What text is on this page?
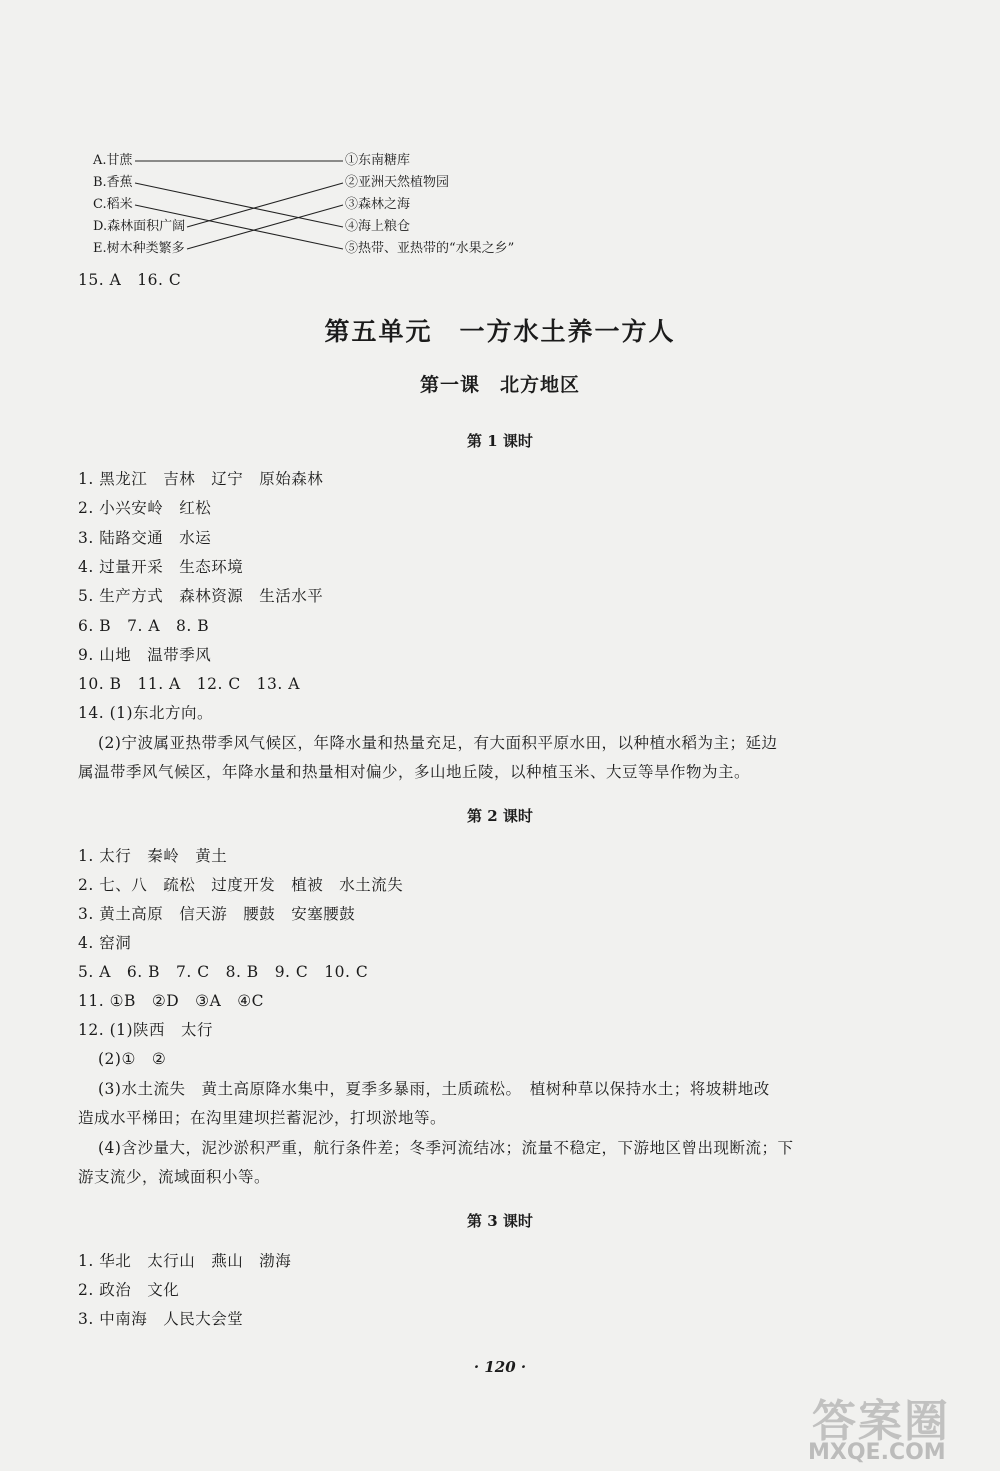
A.甘蔗
B.香蕉
C.稻米
D.森林面积广阔
E.树木种类繁多
①东南糖库
②亚洲天然植物园
③森林之海
④海上粮仓
⑤热带、亚热带的“水果之乡”
15. A　16. C
第五单元　一方水土养一方人
第一课　北方地区
第 1 课时
1. 黑龙江　吉林　辽宁　原始森林
2. 小兴安岭　红松
3. 陆路交通　水运
4. 过量开采　生态环境
5. 生产方式　森林资源　生活水平
6. B　7. A　8. B
9. 山地　温带季风
10. B　11. A　12. C　13. A
14. (1)东北方向。
(2)宁波属亚热带季风气候区，年降水量和热量充足，有大面积平原水田，以种植水稻为主；延边
属温带季风气候区，年降水量和热量相对偏少，多山地丘陵，以种植玉米、大豆等旱作物为主。
第 2 课时
1. 太行　秦岭　黄土
2. 七、八　疏松　过度开发　植被　水土流失
3. 黄土高原　信天游　腰鼓　安塞腰鼓
4. 窑洞
5. A　6. B　7. C　8. B　9. C　10. C
11. ①B　②D　③A　④C
12. (1)陕西　太行
(2)①　②
(3)水土流失　黄土高原降水集中，夏季多暴雨，土质疏松。　植树种草以保持水土；将坡耕地改
造成水平梯田；在沟里建坝拦蓄泥沙，打坝淤地等。
(4)含沙量大，泥沙淤积严重，航行条件差；冬季河流结冰；流量不稳定，下游地区曾出现断流；下
游支流少，流域面积小等。
第 3 课时
1. 华北　太行山　燕山　渤海
2. 政治　文化
3. 中南海　人民大会堂
· 120 ·
答案圈
MXQE.COM
